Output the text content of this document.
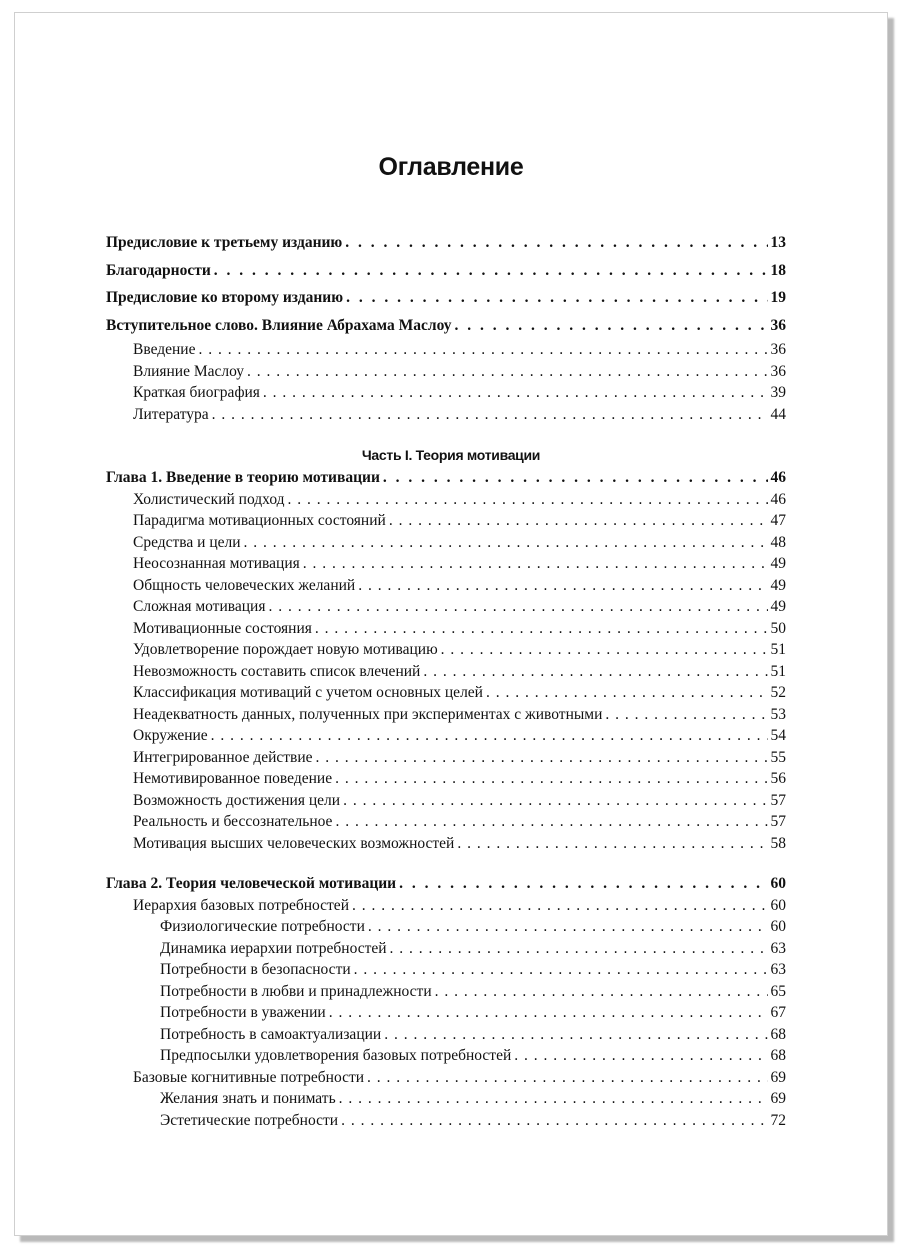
Оглавление
Предисловие к третьему изданию . . .	13
Благодарности . . .	18
Предисловие ко второму изданию . . .	19
Вступительное слово. Влияние Абрахама Маслоу . . .	36
Введение . . .	36
Влияние Маслоу . . .	36
Краткая биография . . .	39
Литература . . .	44
Часть I. Теория мотивации
Глава 1. Введение в теорию мотивации . . .	46
Холистический подход . . .	46
Парадигма мотивационных состояний . . .	47
Средства и цели . . .	48
Неосознанная мотивация . . .	49
Общность человеческих желаний . . .	49
Сложная мотивация . . .	49
Мотивационные состояния . . .	50
Удовлетворение порождает новую мотивацию . . .	51
Невозможность составить список влечений . . .	51
Классификация мотиваций с учетом основных целей . . .	52
Неадекватность данных, полученных при экспериментах с животными . . .	53
Окружение . . .	54
Интегрированное действие . . .	55
Немотивированное поведение . . .	56
Возможность достижения цели . . .	57
Реальность и бессознательное . . .	57
Мотивация высших человеческих возможностей . . .	58
Глава 2. Теория человеческой мотивации . . .	60
Иерархия базовых потребностей . . .	60
Физиологические потребности . . .	60
Динамика иерархии потребностей . . .	63
Потребности в безопасности . . .	63
Потребности в любви и принадлежности . . .	65
Потребности в уважении . . .	67
Потребность в самоактуализации . . .	68
Предпосылки удовлетворения базовых потребностей . . .	68
Базовые когнитивные потребности . . .	69
Желания знать и понимать . . .	69
Эстетические потребности . . .	72
